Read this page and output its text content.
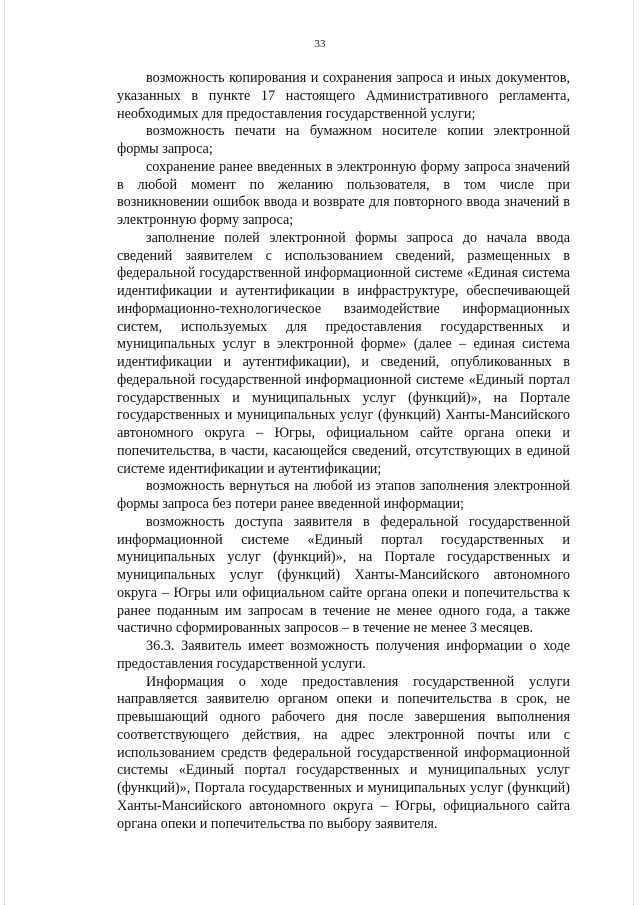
33

возможность копирования и сохранения запроса и иных документов, указанных в пункте 17 настоящего Административного регламента, необходимых для предоставления государственной услуги;

возможность печати на бумажном носителе копии электронной формы запроса;

сохранение ранее введенных в электронную форму запроса значений в любой момент по желанию пользователя, в том числе при возникновении ошибок ввода и возврате для повторного ввода значений в электронную форму запроса;

заполнение полей электронной формы запроса до начала ввода сведений заявителем с использованием сведений, размещенных в федеральной государственной информационной системе «Единая система идентификации и аутентификации в инфраструктуре, обеспечивающей информационно-технологическое взаимодействие информационных систем, используемых для предоставления государственных и муниципальных услуг в электронной форме» (далее – единая система идентификации и аутентификации), и сведений, опубликованных в федеральной государственной информационной системе «Единый портал государственных и муниципальных услуг (функций)», на Портале государственных и муниципальных услуг (функций) Ханты-Мансийского автономного округа – Югры, официальном сайте органа опеки и попечительства, в части, касающейся сведений, отсутствующих в единой системе идентификации и аутентификации;

возможность вернуться на любой из этапов заполнения электронной формы запроса без потери ранее введенной информации;

возможность доступа заявителя в федеральной государственной информационной системе «Единый портал государственных и муниципальных услуг (функций)», на Портале государственных и муниципальных услуг (функций) Ханты-Мансийского автономного округа – Югры или официальном сайте органа опеки и попечительства к ранее поданным им запросам в течение не менее одного года, а также частично сформированных запросов – в течение не менее 3 месяцев.

36.3. Заявитель имеет возможность получения информации о ходе предоставления государственной услуги.

Информация о ходе предоставления государственной услуги направляется заявителю органом опеки и попечительства в срок, не превышающий одного рабочего дня после завершения выполнения соответствующего действия, на адрес электронной почты или с использованием средств федеральной государственной информационной системы «Единый портал государственных и муниципальных услуг (функций)», Портала государственных и муниципальных услуг (функций) Ханты-Мансийского автономного округа – Югры, официального сайта органа опеки и попечительства по выбору заявителя.
